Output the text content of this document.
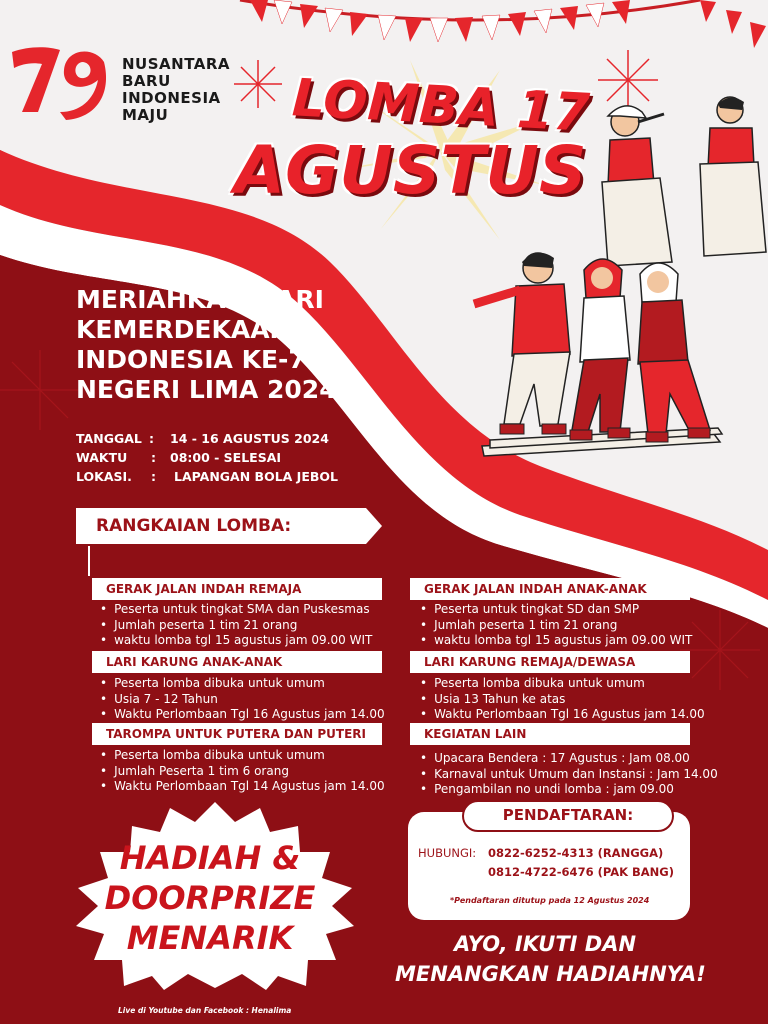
NUSANTARA
BARU
INDONESIA
MAJU	LOMBA 17
AGUSTUS
MERIAHKAN HARI
KEMERDEKAAN
INDONESIA KE-79
NEGERI LIMA 2024
TANGGAL : 14 - 16 AGUSTUS 2024
WAKTU : 08:00 - SELESAI
LOKASI. : LAPANGAN BOLA JEBOL
RANGKAIAN LOMBA:
GERAK JALAN INDAH REMAJA
• Peserta untuk tingkat SMA dan Puskesmas
• Jumlah peserta 1 tim 21 orang
• waktu lomba tgl 15 agustus jam 09.00 WIT
LARI KARUNG ANAK-ANAK
• Peserta lomba dibuka untuk umum
• Usia 7 - 12 Tahun
• Waktu Perlombaan Tgl 16 Agustus jam 14.00
TAROMPA UNTUK PUTERA DAN PUTERI
• Peserta lomba dibuka untuk umum
• Jumlah Peserta 1 tim 6 orang
• Waktu Perlombaan Tgl 14 Agustus jam 14.00
GERAK JALAN INDAH ANAK-ANAK
• Peserta untuk tingkat SD dan SMP
• Jumlah peserta 1 tim 21 orang
• waktu lomba tgl 15 agustus jam 09.00 WIT
LARI KARUNG REMAJA/DEWASA
• Peserta lomba dibuka untuk umum
• Usia 13 Tahun ke atas
• Waktu Perlombaan Tgl 16 Agustus jam 14.00
KEGIATAN LAIN
• Upacara Bendera : 17 Agustus : Jam 08.00
• Karnaval untuk Umum dan Instansi : Jam 14.00
• Pengambilan no undi lomba : jam 09.00
HADIAH &
DOORPRIZE
MENARIK
PENDAFTARAN:
HUBUNGI: 0822-6252-4313 (RANGGA)
0812-4722-6476 (PAK BANG)
*Pendaftaran ditutup pada 12 Agustus 2024
AYO, IKUTI DAN
MENANGKAN HADIAHNYA!
Live di Youtube dan Facebook : Henalima
